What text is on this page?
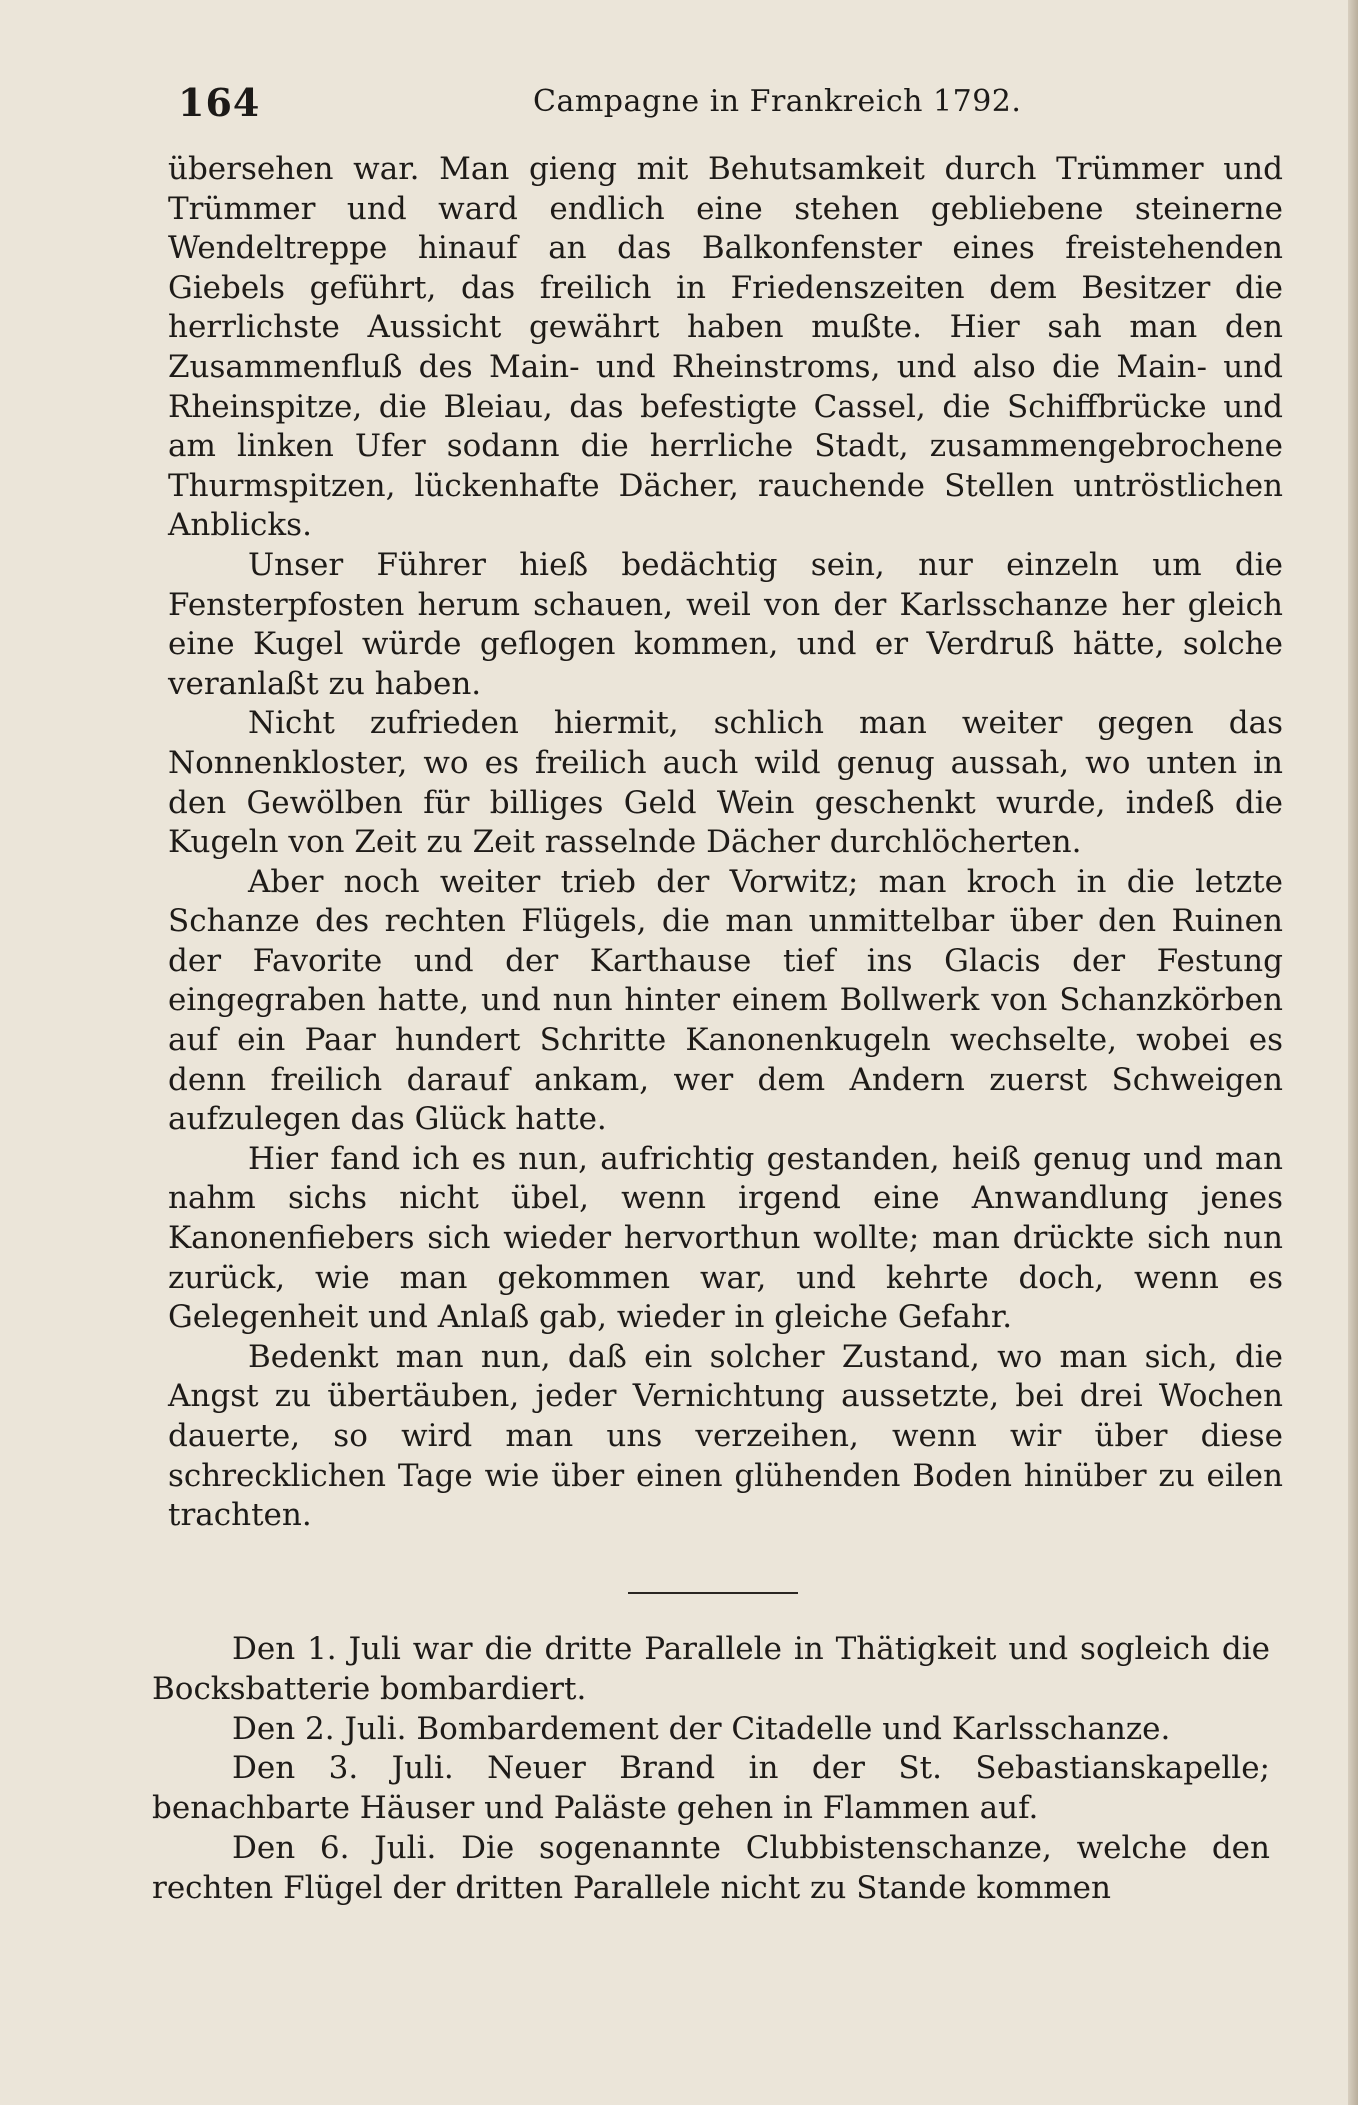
164	Campagne in Frankreich 1792.

übersehen war. Man gieng mit Behutsamkeit durch Trümmer und Trümmer und ward endlich eine stehen gebliebene steinerne Wendeltreppe hinauf an das Balkonfenster eines freistehenden Giebels geführt, das freilich in Friedenszeiten dem Besitzer die herrlichste Aussicht gewährt haben mußte. Hier sah man den Zusammenfluß des Main- und Rheinstroms, und also die Main- und Rheinspitze, die Bleiau, das befestigte Cassel, die Schiffbrücke und am linken Ufer sodann die herrliche Stadt, zusammengebrochene Thurmspitzen, lückenhafte Dächer, rauchende Stellen untröstlichen Anblicks.

Unser Führer hieß bedächtig sein, nur einzeln um die Fensterpfosten herum schauen, weil von der Karlsschanze her gleich eine Kugel würde geflogen kommen, und er Verdruß hätte, solche veranlaßt zu haben.

Nicht zufrieden hiermit, schlich man weiter gegen das Nonnenkloster, wo es freilich auch wild genug aussah, wo unten in den Gewölben für billiges Geld Wein geschenkt wurde, indeß die Kugeln von Zeit zu Zeit rasselnde Dächer durchlöcherten.

Aber noch weiter trieb der Vorwitz; man kroch in die letzte Schanze des rechten Flügels, die man unmittelbar über den Ruinen der Favorite und der Karthause tief ins Glacis der Festung eingegraben hatte, und nun hinter einem Bollwerk von Schanzkörben auf ein Paar hundert Schritte Kanonenkugeln wechselte, wobei es denn freilich darauf ankam, wer dem Andern zuerst Schweigen aufzulegen das Glück hatte.

Hier fand ich es nun, aufrichtig gestanden, heiß genug und man nahm sichs nicht übel, wenn irgend eine Anwandlung jenes Kanonenfiebers sich wieder hervorthun wollte; man drückte sich nun zurück, wie man gekommen war, und kehrte doch, wenn es Gelegenheit und Anlaß gab, wieder in gleiche Gefahr.

Bedenkt man nun, daß ein solcher Zustand, wo man sich, die Angst zu übertäuben, jeder Vernichtung aussetzte, bei drei Wochen dauerte, so wird man uns verzeihen, wenn wir über diese schrecklichen Tage wie über einen glühenden Boden hinüber zu eilen trachten.

Den 1. Juli war die dritte Parallele in Thätigkeit und sogleich die Bocksbatterie bombardiert.

Den 2. Juli. Bombardement der Citadelle und Karlsschanze.

Den 3. Juli. Neuer Brand in der St. Sebastianskapelle; benachbarte Häuser und Paläste gehen in Flammen auf.

Den 6. Juli. Die sogenannte Clubbistenschanze, welche den rechten Flügel der dritten Parallele nicht zu Stande kommen
